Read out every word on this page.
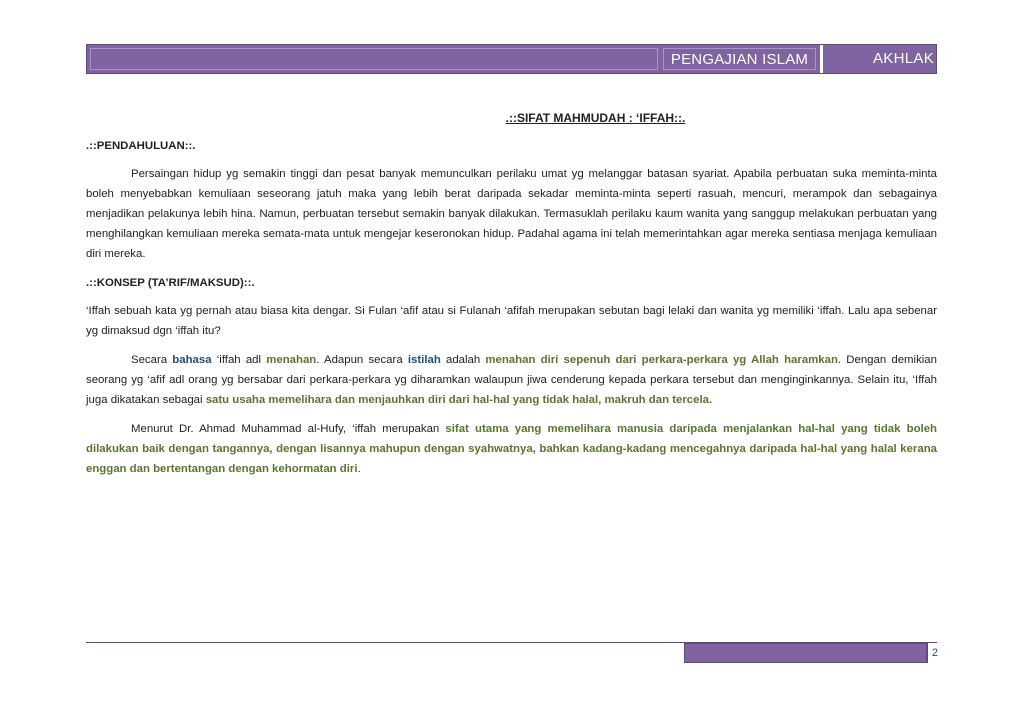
PENGAJIAN ISLAM	AKHLAK
.::SIFAT MAHMUDAH : ‘IFFAH::.
.::PENDAHULUAN::.

Persaingan hidup yg semakin tinggi dan pesat banyak memunculkan perilaku umat yg melanggar batasan syariat. Apabila perbuatan suka meminta-minta boleh menyebabkan kemuliaan seseorang jatuh maka yang lebih berat daripada sekadar meminta-minta seperti rasuah, mencuri, merampok dan sebagainya menjadikan pelakunya lebih hina. Namun, perbuatan tersebut semakin banyak dilakukan. Termasuklah perilaku kaum wanita yang sanggup melakukan perbuatan yang menghilangkan kemuliaan mereka semata-mata untuk mengejar keseronokan hidup. Padahal agama ini telah memerintahkan agar mereka sentiasa menjaga kemuliaan diri mereka.

.::KONSEP (TA’RIF/MAKSUD)::.

‘Iffah sebuah kata yg pernah atau biasa kita dengar. Si Fulan ‘afif atau si Fulanah ‘afifah merupakan sebutan bagi lelaki dan wanita yg memiliki ‘iffah. Lalu apa sebenar yg dimaksud dgn ‘iffah itu?

Secara bahasa ‘iffah adl menahan. Adapun secara istilah adalah menahan diri sepenuh dari perkara-perkara yg Allah haramkan. Dengan demikian seorang yg ‘afif adl orang yg bersabar dari perkara-perkara yg diharamkan walaupun jiwa cenderung kepada perkara tersebut dan menginginkannya. Selain itu, ‘Iffah juga dikatakan sebagai satu usaha memelihara dan menjauhkan diri dari hal-hal yang tidak halal, makruh dan tercela.

Menurut Dr. Ahmad Muhammad al-Hufy, ‘iffah merupakan sifat utama yang memelihara manusia daripada menjalankan hal-hal yang tidak boleh dilakukan baik dengan tangannya, dengan lisannya mahupun dengan syahwatnya, bahkan kadang-kadang mencegahnya daripada hal-hal yang halal kerana enggan dan bertentangan dengan kehormatan diri.

2
